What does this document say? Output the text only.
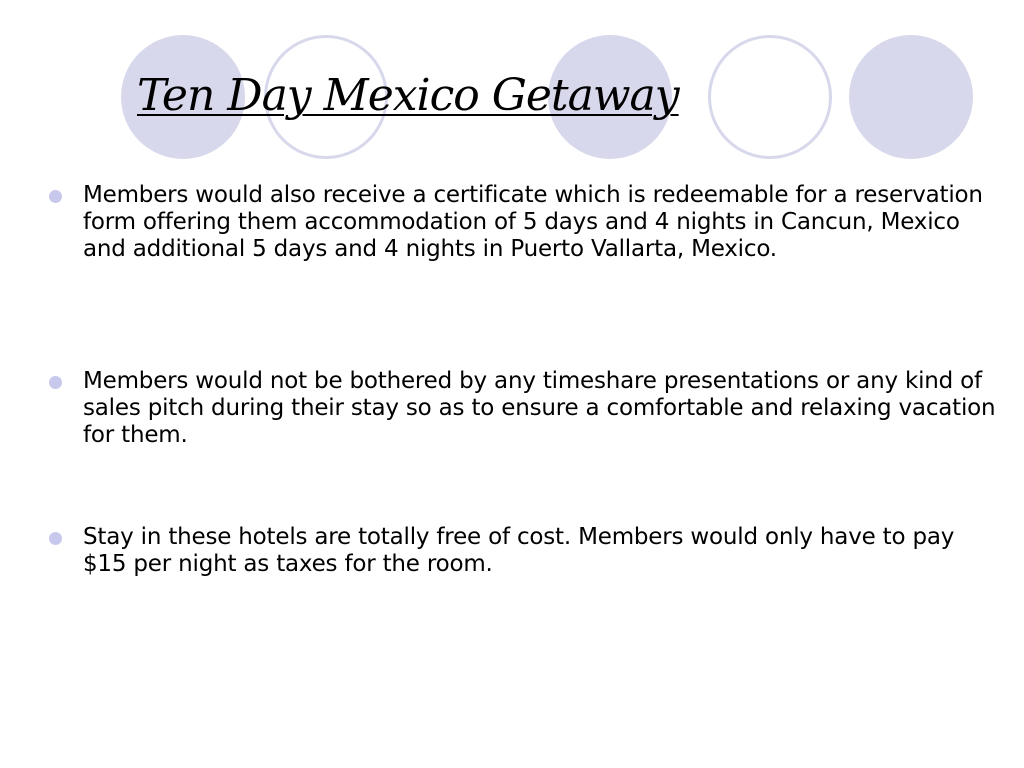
Ten Day Mexico Getaway

Members would also receive a certificate which is redeemable for a reservation form offering them accommodation of 5 days and 4 nights in Cancun, Mexico and additional 5 days and 4 nights in Puerto Vallarta, Mexico.

Members would not be bothered by any timeshare presentations or any kind of sales pitch during their stay so as to ensure a comfortable and relaxing vacation for them.

Stay in these hotels are totally free of cost. Members would only have to pay $15 per night as taxes for the room.
